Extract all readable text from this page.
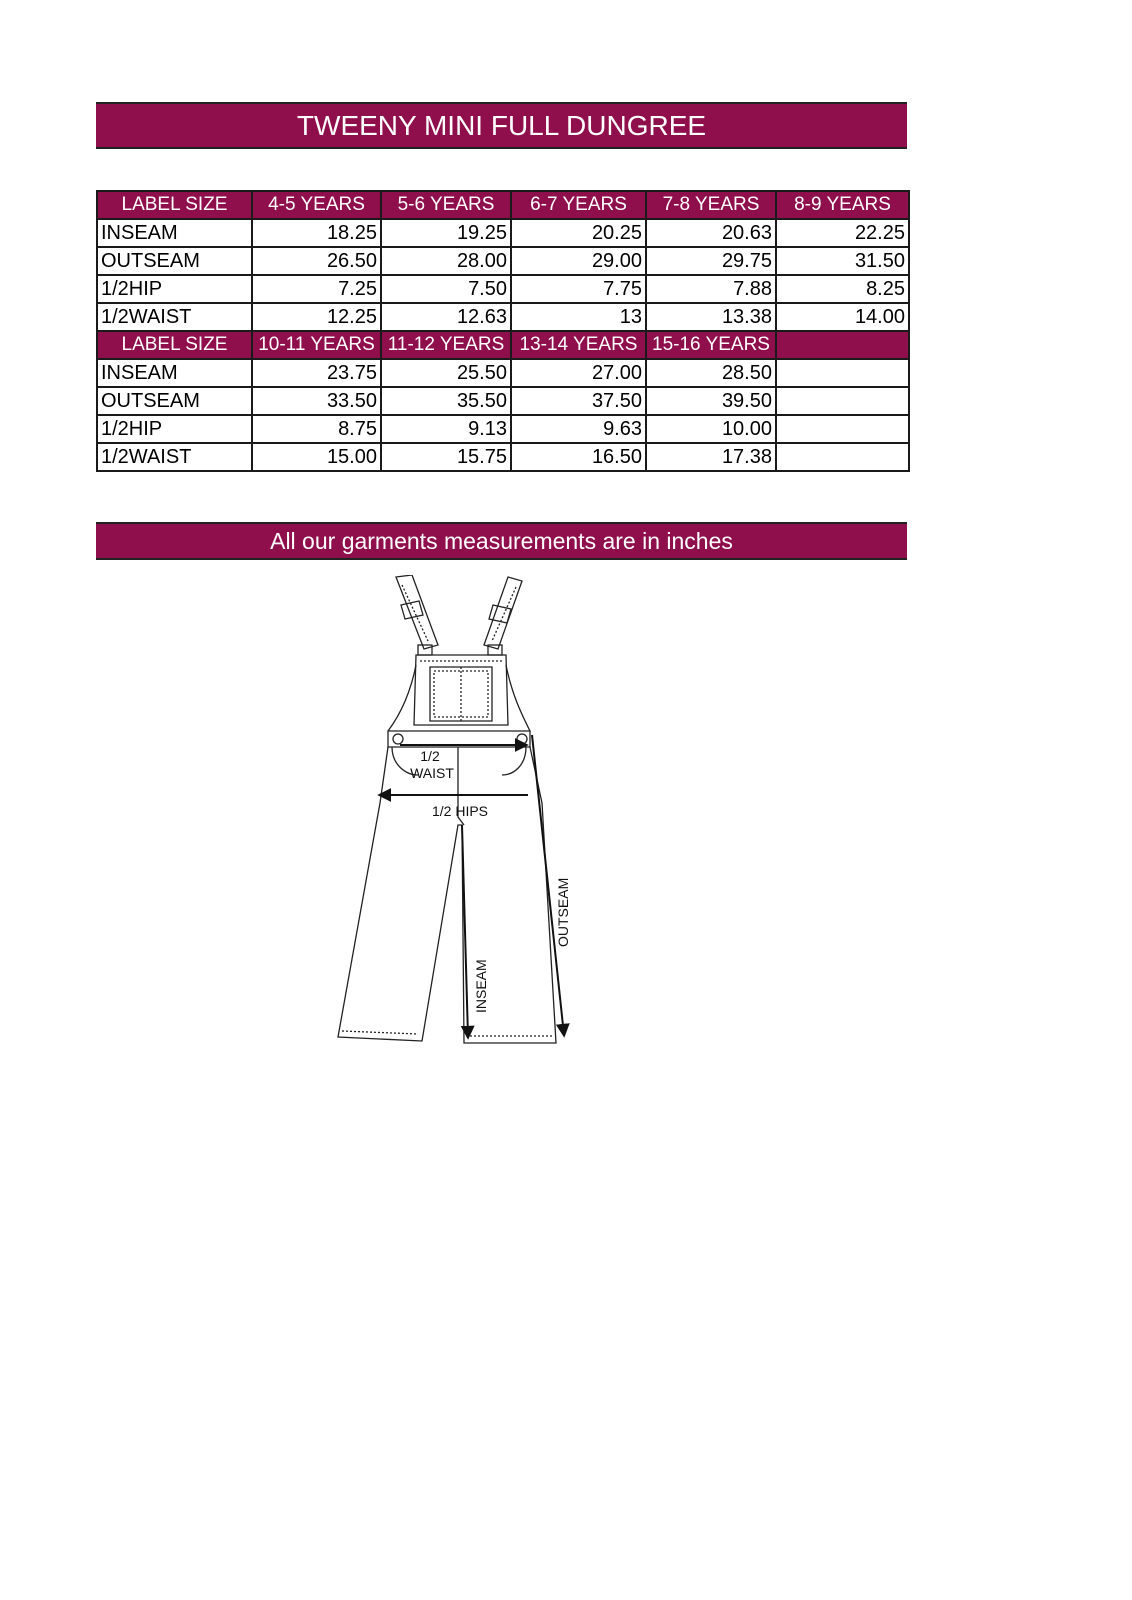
TWEENY MINI FULL DUNGREE
LABEL SIZE	4-5 YEARS	5-6 YEARS	6-7 YEARS	7-8 YEARS	8-9 YEARS
INSEAM	18.25	19.25	20.25	20.63	22.25
OUTSEAM	26.50	28.00	29.00	29.75	31.50
1/2HIP	7.25	7.50	7.75	7.88	8.25
1/2WAIST	12.25	12.63	13	13.38	14.00
LABEL SIZE	10-11 YEARS	11-12 YEARS	13-14 YEARS	15-16 YEARS	
INSEAM	23.75	25.50	27.00	28.50	
OUTSEAM	33.50	35.50	37.50	39.50	
1/2HIP	8.75	9.13	9.63	10.00	
1/2WAIST	15.00	15.75	16.50	17.38	
All our garments measurements are in inches
1/2
WAIST
1/2 HIPS
INSEAM
OUTSEAM
